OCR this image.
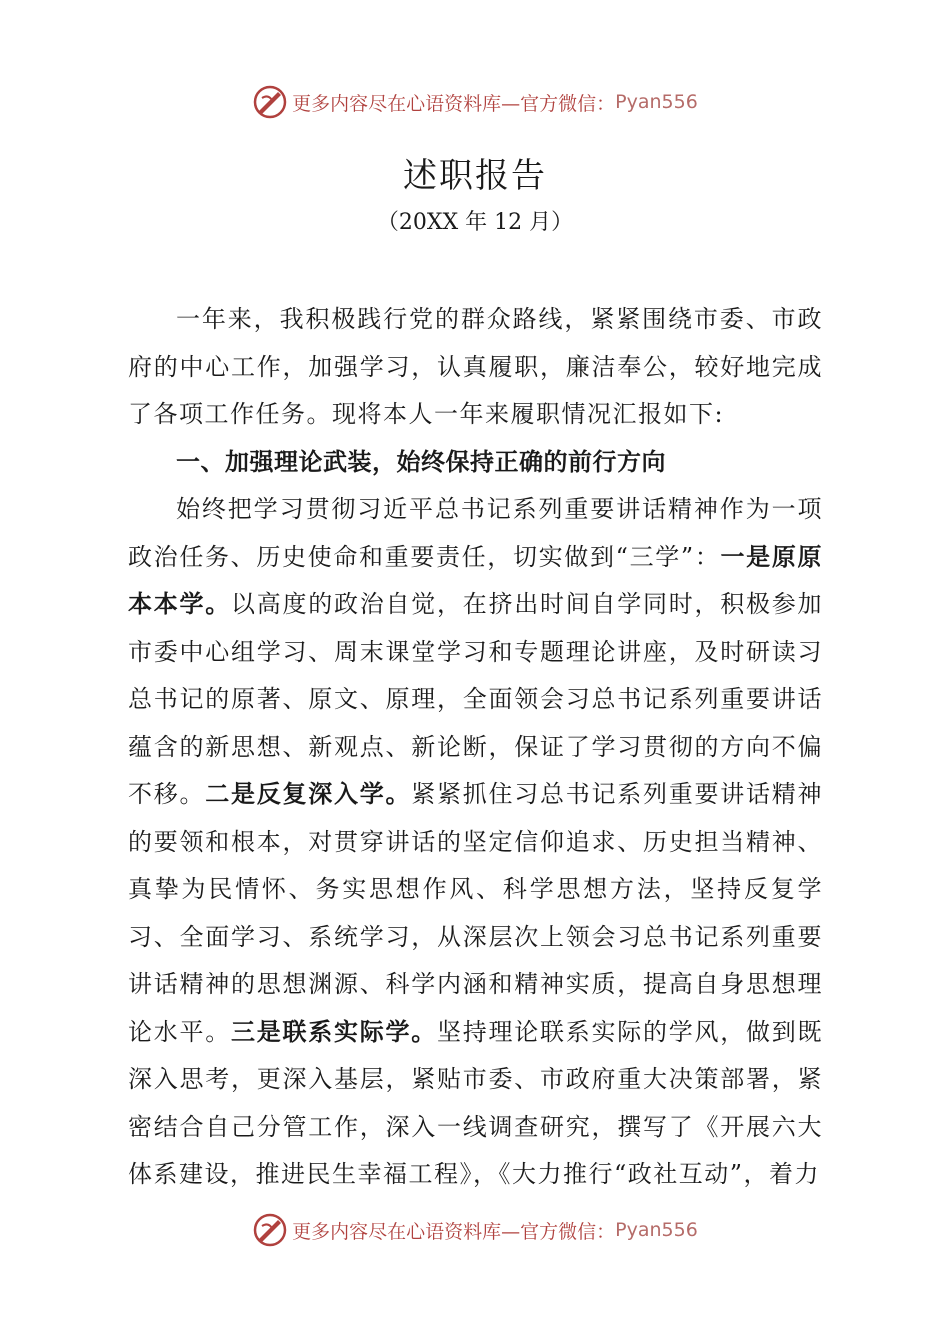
更多内容尽在心语资料库—官方微信： Pyan556
述职报告
（20XX 年 12 月）

一年来，我积极践行党的群众路线，紧紧围绕市委、市政府的中心工作，加强学习，认真履职，廉洁奉公，较好地完成了各项工作任务。现将本人一年来履职情况汇报如下:

一、加强理论武装，始终保持正确的前行方向

始终把学习贯彻习近平总书记系列重要讲话精神作为一项政治任务、历史使命和重要责任，切实做到“三学”：一是原原本本学。以高度的政治自觉，在挤出时间自学同时，积极参加市委中心组学习、周末课堂学习和专题理论讲座，及时研读习总书记的原著、原文、原理，全面领会习总书记系列重要讲话蕴含的新思想、新观点、新论断，保证了学习贯彻的方向不偏不移。二是反复深入学。紧紧抓住习总书记系列重要讲话精神的要领和根本，对贯穿讲话的坚定信仰追求、历史担当精神、真挚为民情怀、务实思想作风、科学思想方法，坚持反复学习、全面学习、系统学习，从深层次上领会习总书记系列重要讲话精神的思想渊源、科学内涵和精神实质，提高自身思想理论水平。三是联系实际学。坚持理论联系实际的学风，做到既深入思考，更深入基层，紧贴市委、市政府重大决策部署，紧密结合自己分管工作，深入一线调查研究，撰写了《开展六大体系建设，推进民生幸福工程》，《大力推行“政社互动”，着力

更多内容尽在心语资料库—官方微信： Pyan556
